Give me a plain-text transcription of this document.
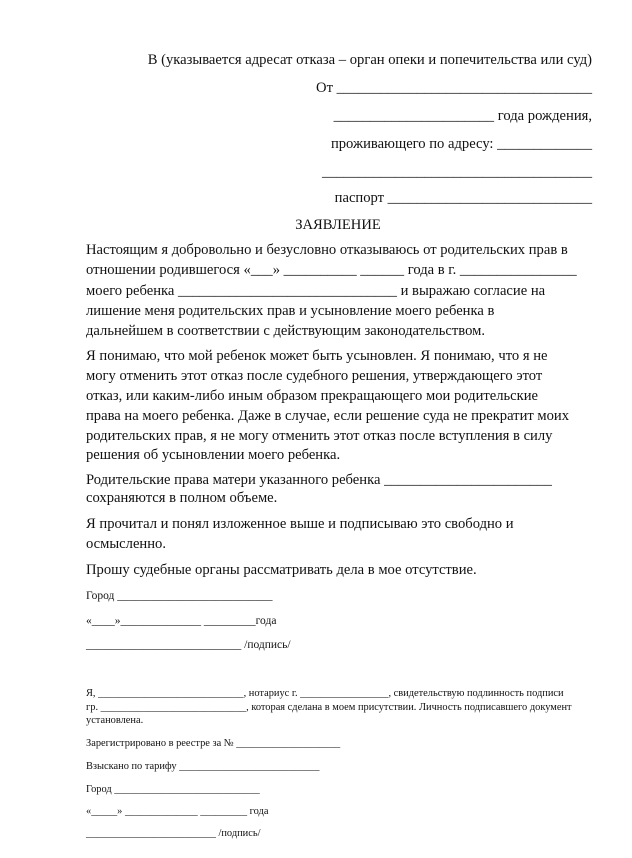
В (указывается адресат отказа – орган опеки и попечительства или суд)
От ___________________________________
______________________ года рождения,
проживающего по адресу: _____________
_____________________________________
паспорт ____________________________
ЗАЯВЛЕНИЕ
Настоящим я добровольно и безусловно отказываюсь от родительских прав в
отношении родившегося «___» __________ ______ года в г. ________________
моего ребенка ______________________________ и выражаю согласие на
лишение меня родительских прав и усыновление моего ребенка в
дальнейшем в соответствии с действующим законодательством.
Я понимаю, что мой ребенок может быть усыновлен. Я понимаю, что я не
могу отменить этот отказ после судебного решения, утверждающего этот
отказ, или каким-либо иным образом прекращающего мои родительские
права на моего ребенка. Даже в случае, если решение суда не прекратит моих
родительских прав, я не могу отменить этот отказ после вступления в силу
решения об усыновлении моего ребенка.
Родительские права матери указанного ребенка _______________________
сохраняются в полном объеме.
Я прочитал и понял изложенное выше и подписываю это свободно и
осмысленно.
Прошу судебные органы рассматривать дела в мое отсутствие.
Город ___________________________
«____»______________ _________года
___________________________ /подпись/
Я, ____________________________, нотариус г. _________________, свидетельствую подлинность подписи
гр. ____________________________, которая сделана в моем присутствии. Личность подписавшего документ
установлена.
Зарегистрировано в реестре за № ____________________
Взыскано по тарифу ___________________________
Город ____________________________
«_____» ______________ _________ года
_________________________ /подпись/
